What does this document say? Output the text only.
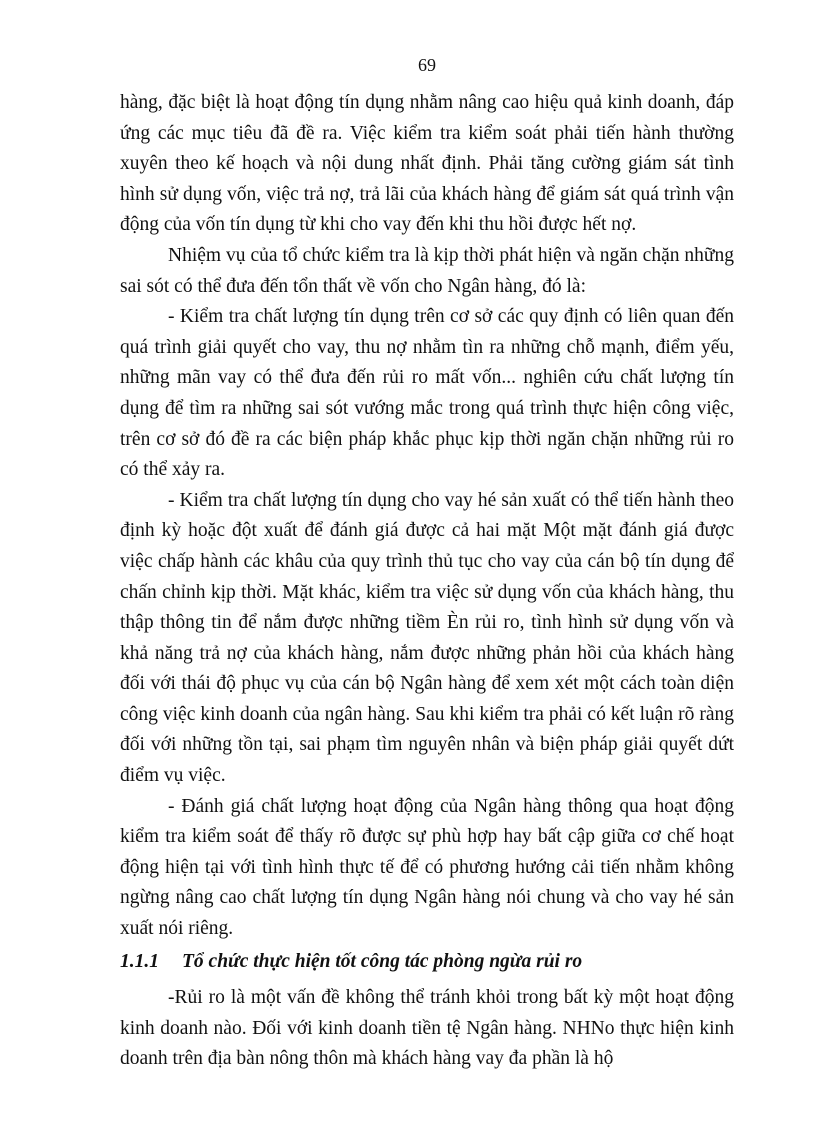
69

hàng, đặc biệt là hoạt động tín dụng nhằm nâng cao hiệu quả kinh doanh, đáp ứng các mục tiêu đã đề ra. Việc kiểm tra kiểm soát phải tiến hành thường xuyên theo kế hoạch và nội dung nhất định. Phải tăng cường giám sát tình hình sử dụng vốn, việc trả nợ, trả lãi của khách hàng để giám sát quá trình vận động của vốn tín dụng từ khi cho vay đến khi thu hồi được hết nợ.

Nhiệm vụ của tổ chức kiểm tra là kịp thời phát hiện và ngăn chặn những sai sót có thể đưa đến tổn thất về vốn cho Ngân hàng, đó là:

- Kiểm tra chất lượng tín dụng trên cơ sở các quy định có liên quan đến quá trình giải quyết cho vay, thu nợ nhằm tìn ra những chỗ mạnh, điểm yếu, những mãn vay có thể đưa đến rủi ro mất vốn... nghiên cứu chất lượng tín dụng để tìm ra những sai sót vướng mắc trong quá trình thực hiện công việc, trên cơ sở đó đề ra các biện pháp khắc phục kịp thời ngăn chặn những rủi ro có thể xảy ra.

- Kiểm tra chất lượng tín dụng cho vay hé sản xuất có thể tiến hành theo định kỳ hoặc đột xuất để đánh giá được cả hai mặt Một mặt đánh giá được việc chấp hành các khâu của quy trình thủ tục cho vay của cán bộ tín dụng để chấn chỉnh kịp thời. Mặt khác, kiểm tra việc sử dụng vốn của khách hàng, thu thập thông tin để nắm được những tiềm Èn rủi ro, tình hình sử dụng vốn và khả năng trả nợ của khách hàng, nắm được những phản hồi của khách hàng đối với thái độ phục vụ của cán bộ Ngân hàng để xem xét một cách toàn diện công việc kinh doanh của ngân hàng. Sau khi kiểm tra phải có kết luận rõ ràng đối với những tồn tại, sai phạm tìm nguyên nhân và biện pháp giải quyết dứt điểm vụ việc.

- Đánh giá chất lượng hoạt động của Ngân hàng thông qua hoạt động kiểm tra kiểm soát để thấy rõ được sự phù hợp hay bất cập giữa cơ chế hoạt động hiện tại với tình hình thực tế để có phương hướng cải tiến nhằm không ngừng nâng cao chất lượng tín dụng Ngân hàng nói chung và cho vay hé sản xuất nói riêng.

1.1.1	Tổ chức thực hiện tốt công tác phòng ngừa rủi ro

-Rủi ro là một vấn đề không thể tránh khỏi trong bất kỳ một hoạt động kinh doanh nào. Đối với kinh doanh tiền tệ Ngân hàng. NHNo thực hiện kinh doanh trên địa bàn nông thôn mà khách hàng vay đa phần là hộ
